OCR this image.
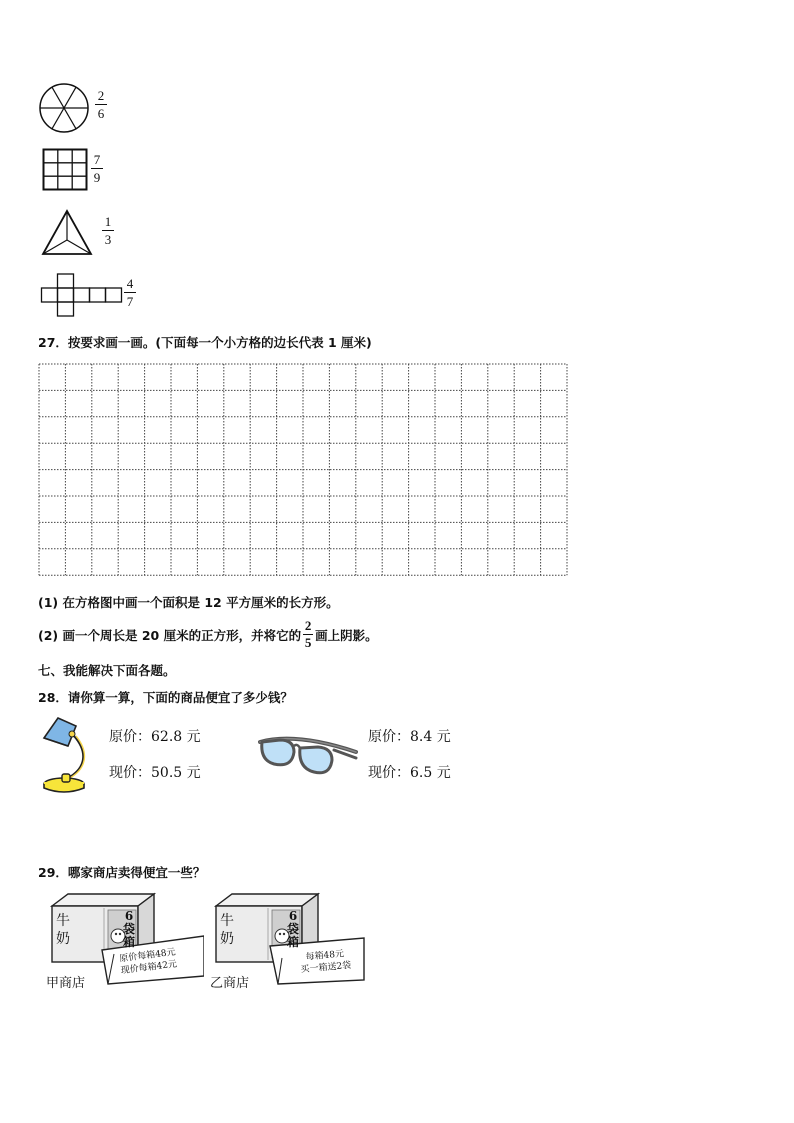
2
6
7
9
1
3
4
7
27．按要求画一画。(下面每一个小方格的边长代表 1 厘米)
(1) 在方格图中画一个面积是 12 平方厘米的长方形。
(2) 画一个周长是 20 厘米的正方形，并将它的 $\frac{2}{5}$ 画上阴影。
七、我能解决下面各题。
28．请你算一算，下面的商品便宜了多少钱？
原价：62.8 元
现价：50.5 元
原价：8.4 元
现价：6.5 元
29．哪家商店卖得便宜一些？
牛
奶
6
袋
箱
原价每箱48元
现价每箱42元
甲商店
牛
奶
6
袋
箱
每箱48元
买一箱送2袋
乙商店
